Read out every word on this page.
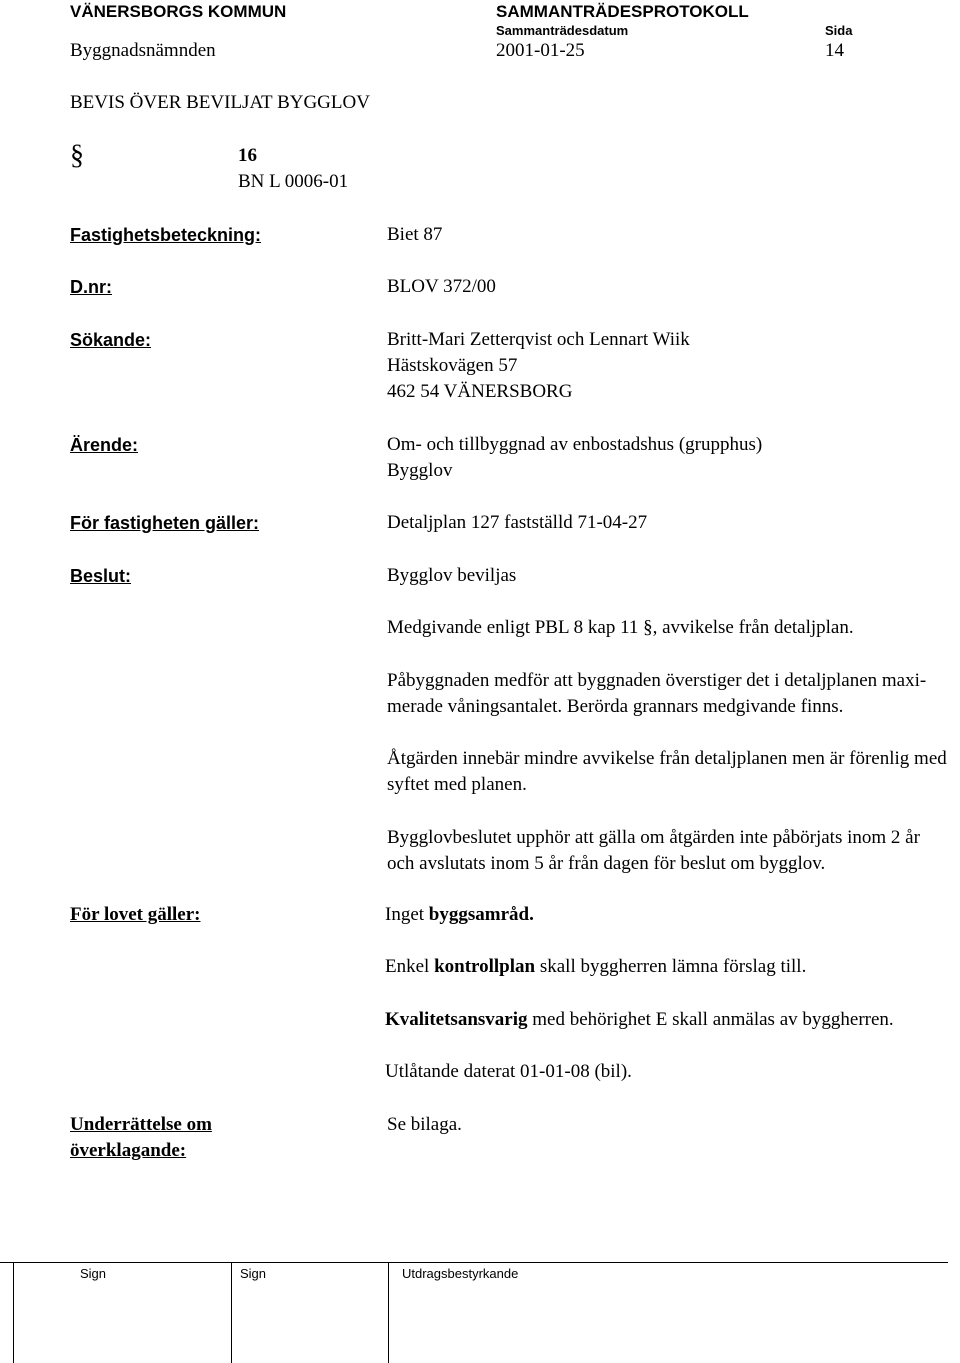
VÄNERSBORGS KOMMUN	SAMMANTRÄDESPROTOKOLL
Sammanträdesdatum	Sida
Byggnadsnämnden	2001-01-25	14
BEVIS ÖVER BEVILJAT BYGGLOV
§	16
BN L 0006-01
Fastighetsbeteckning:	Biet 87
D.nr:	BLOV 372/00
Sökande:	Britt-Mari Zetterqvist och Lennart Wiik
Hästskovägen 57
462 54 VÄNERSBORG
Ärende:	Om- och tillbyggnad av enbostadshus (grupphus)
Bygglov
För fastigheten gäller:	Detaljplan 127 fastställd 71-04-27
Beslut:	Bygglov beviljas
Medgivande enligt PBL 8 kap 11 §, avvikelse från detaljplan.
Påbyggnaden medför att byggnaden överstiger det i detaljplanen maxi-
merade våningsantalet. Berörda grannars medgivande finns.
Åtgärden innebär mindre avvikelse från detaljplanen men är förenlig med
syftet med planen.
Bygglovbeslutet upphör att gälla om åtgärden inte påbörjats inom 2 år
och avslutats inom 5 år från dagen för beslut om bygglov.
För lovet gäller:	Inget byggsamråd.
Enkel kontrollplan skall byggherren lämna förslag till.
Kvalitetsansvarig med behörighet E skall anmälas av byggherren.
Utlåtande daterat 01-01-08 (bil).
Underrättelse om
överklagande:
Se bilaga.
Sign	Sign	Utdragsbestyrkande
